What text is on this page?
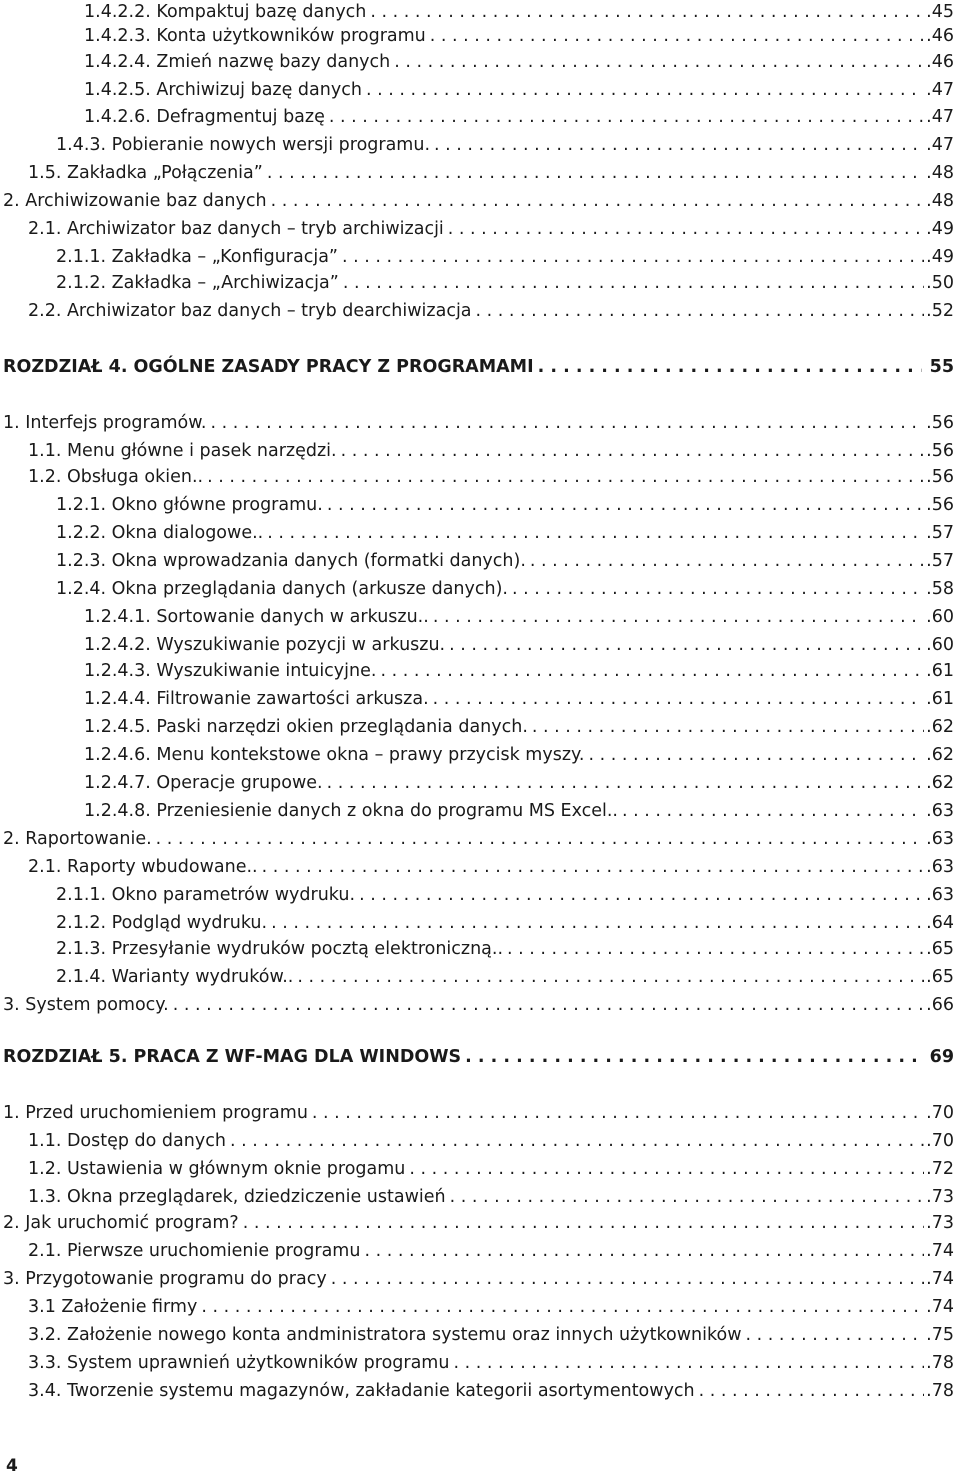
1.4.2.2. Kompaktuj bazę danych . . .	.45
1.4.2.3. Konta użytkowników programu . . .	.46
1.4.2.4. Zmień nazwę bazy danych . . .	.46
1.4.2.5. Archiwizuj bazę danych . . .	.47
1.4.2.6. Defragmentuj bazę . . .	.47
1.4.3. Pobieranie nowych wersji programu. . . .	.47
1.5. Zakładka „Połączenia” . . .	.48
2. Archiwizowanie baz danych . . .	.48
2.1. Archiwizator baz danych – tryb archiwizacji . . .	.49
2.1.1. Zakładka – „Konfiguracja” . . .	.49
2.1.2. Zakładka – „Archiwizacja” . . .	.50
2.2. Archiwizator baz danych – tryb dearchiwizacja . . .	.52
ROZDZIAŁ 4. OGÓLNE ZASADY PRACY Z PROGRAMAMI . . .	55
1. Interfejs programów. . . .	.56
1.1. Menu główne i pasek narzędzi. . . .	.56
1.2. Obsługa okien.. . . .	.56
1.2.1. Okno główne programu. . . .	.56
1.2.2. Okna dialogowe.. . . .	.57
1.2.3. Okna wprowadzania danych (formatki danych). . . .	.57
1.2.4. Okna przeglądania danych (arkusze danych). . . .	.58
1.2.4.1. Sortowanie danych w arkuszu.. . . .	.60
1.2.4.2. Wyszukiwanie pozycji w arkuszu. . . .	.60
1.2.4.3. Wyszukiwanie intuicyjne. . . .	.61
1.2.4.4. Filtrowanie zawartości arkusza. . . .	.61
1.2.4.5. Paski narzędzi okien przeglądania danych. . . .	.62
1.2.4.6. Menu kontekstowe okna – prawy przycisk myszy. . . .	.62
1.2.4.7. Operacje grupowe. . . .	.62
1.2.4.8. Przeniesienie danych z okna do programu MS Excel.. . . .	.63
2. Raportowanie. . . .	.63
2.1. Raporty wbudowane.. . . .	.63
2.1.1. Okno parametrów wydruku. . . .	.63
2.1.2. Podgląd wydruku. . . .	.64
2.1.3. Przesyłanie wydruków pocztą elektroniczną.. . . .	.65
2.1.4. Warianty wydruków.. . . .	.65
3. System pomocy. . . .	.66
ROZDZIAŁ 5. PRACA Z WF-MAG DLA WINDOWS . . .	69
1. Przed uruchomieniem programu . . .	.70
1.1. Dostęp do danych . . .	.70
1.2. Ustawienia w głównym oknie progamu . . .	.72
1.3. Okna przeglądarek, dziedziczenie ustawień . . .	.73
2. Jak uruchomić program? . . .	.73
2.1. Pierwsze uruchomienie programu . . .	.74
3. Przygotowanie programu do pracy . . .	.74
3.1 Założenie firmy . . .	.74
3.2. Założenie nowego konta andministratora systemu oraz innych użytkowników . . .	.75
3.3. System uprawnień użytkowników programu . . .	.78
3.4. Tworzenie systemu magazynów, zakładanie kategorii asortymentowych . . .	.78
4
